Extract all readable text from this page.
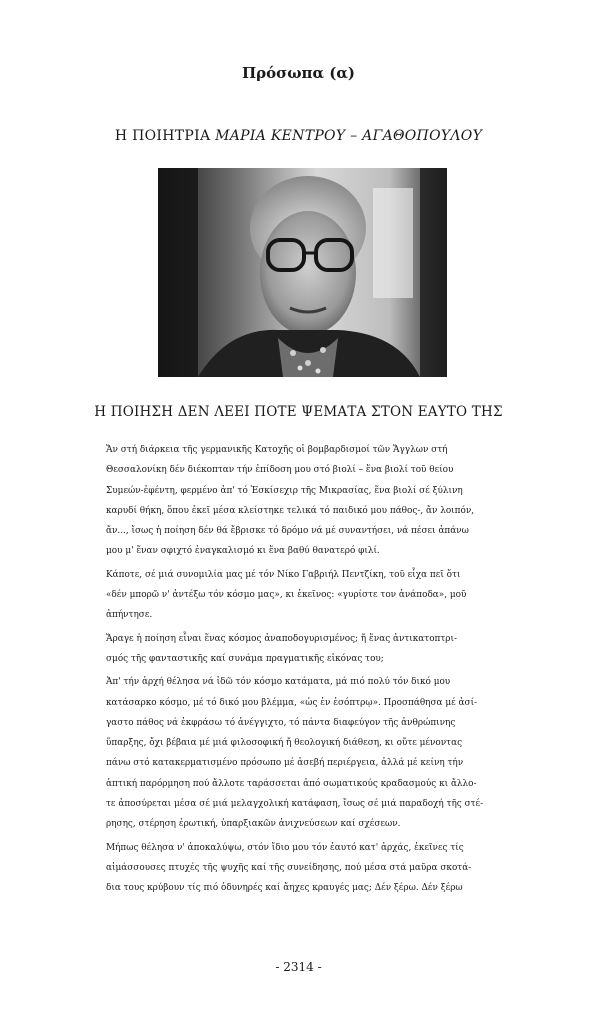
Πρόσωπα (α)
Η ΠΟΙΗΤΡΙΑ ΜΑΡΙΑ ΚΕΝΤΡΟΥ – ΑΓΑΘΟΠΟΥΛΟΥ
Η ΠΟΙΗΣΗ ΔΕΝ ΛΕΕΙ ΠΟΤΕ ΨΕΜΑΤΑ ΣΤΟΝ ΕΑΥΤΟ ΤΗΣ

Ἄν στή διάρκεια τῆς γερμανικῆς Κατοχῆς οἱ βομβαρδισμοί τῶν Ἄγγλων στή
Θεσσαλονίκη δέν διέκοπταν τήν ἐπίδοση μου στό βιολί – ἕνα βιολί τοῦ θείου
Συμεών-ἐφέντη, φερμένο ἀπ' τό Ἐσκίσεχιρ τῆς Μικρασίας, ἕνα βιολί σέ ξύλινη
καρυδί θήκη, ὅπου ἐκεῖ μέσα κλείστηκε τελικά τό παιδικό μου πάθος-, ἄν λοιπόν,
ἄν..., ἴσως ἡ ποίηση δέν θά ἔβρισκε τό δρόμο νά μέ συναντήσει, νά πέσει ἀπάνω
μου μ' ἕναν σφιχτό ἐναγκαλισμό κι ἕνα βαθύ θανατερό φιλί.

Κάποτε, σέ μιά συνομιλία μας μέ τόν Νίκο Γαβριήλ Πεντζίκη, τοῦ εἶχα πεῖ ὅτι
«δέν μπορῶ ν' ἀντέξω τόν κόσμο μας», κι ἐκεῖνος: «γυρίστε τον ἀνάποδα», μοῦ
ἀπήντησε.

Ἄραγε ἡ ποίηση εἶναι ἕνας κόσμος ἀναποδογυρισμένος; ἤ ἕνας ἀντικατοπτρι-
σμός τῆς φανταστικῆς καί συνάμα πραγματικῆς εἰκόνας του;

Ἀπ' τήν ἀρχή θέλησα νά ἰδῶ τόν κόσμο κατάματα, μά πιό πολύ τόν δικό μου
κατάσαρκο κόσμο, μέ τό δικό μου βλέμμα, «ὡς ἐν ἐσόπτρῳ». Προσπάθησα μέ ἀσί-
γαστο πάθος νά ἐκφράσω τό ἀνέγγιχτο, τό πάντα διαφεύγον τῆς ἀνθρώπινης
ὕπαρξης, ὄχι βέβαια μέ μιά φιλοσοφική ἤ θεολογική διάθεση, κι οὔτε μένοντας
πάνω στό κατακερματισμένο πρόσωπο μέ ἀσεβή περιέργεια, ἀλλά μέ κείνη τήν
ἁπτική παρόρμηση πού ἄλλοτε ταράσσεται ἀπό σωματικούς κραδασμούς κι ἄλλο-
τε ἀποσύρεται μέσα σέ μιά μελαγχολική κατάφαση, ἴσως σέ μιά παραδοχή τῆς στέ-
ρησης, στέρηση ἐρωτική, ὑπαρξιακῶν ἀνιχνεύσεων καί σχέσεων.

Μήπως θέλησα ν' ἀποκαλύψω, στόν ἴδιο μου τόν ἑαυτό κατ' ἀρχάς, ἐκεῖνες τίς
αἱμάσσουσες πτυχές τῆς ψυχῆς καί τῆς συνείδησης, πού μέσα στά μαῦρα σκοτά-
δια τους κρύβουν τίς πιό ὀδυνηρές καί ἄηχες κραυγές μας; Δέν ξέρω. Δέν ξέρω

- 2314 -
